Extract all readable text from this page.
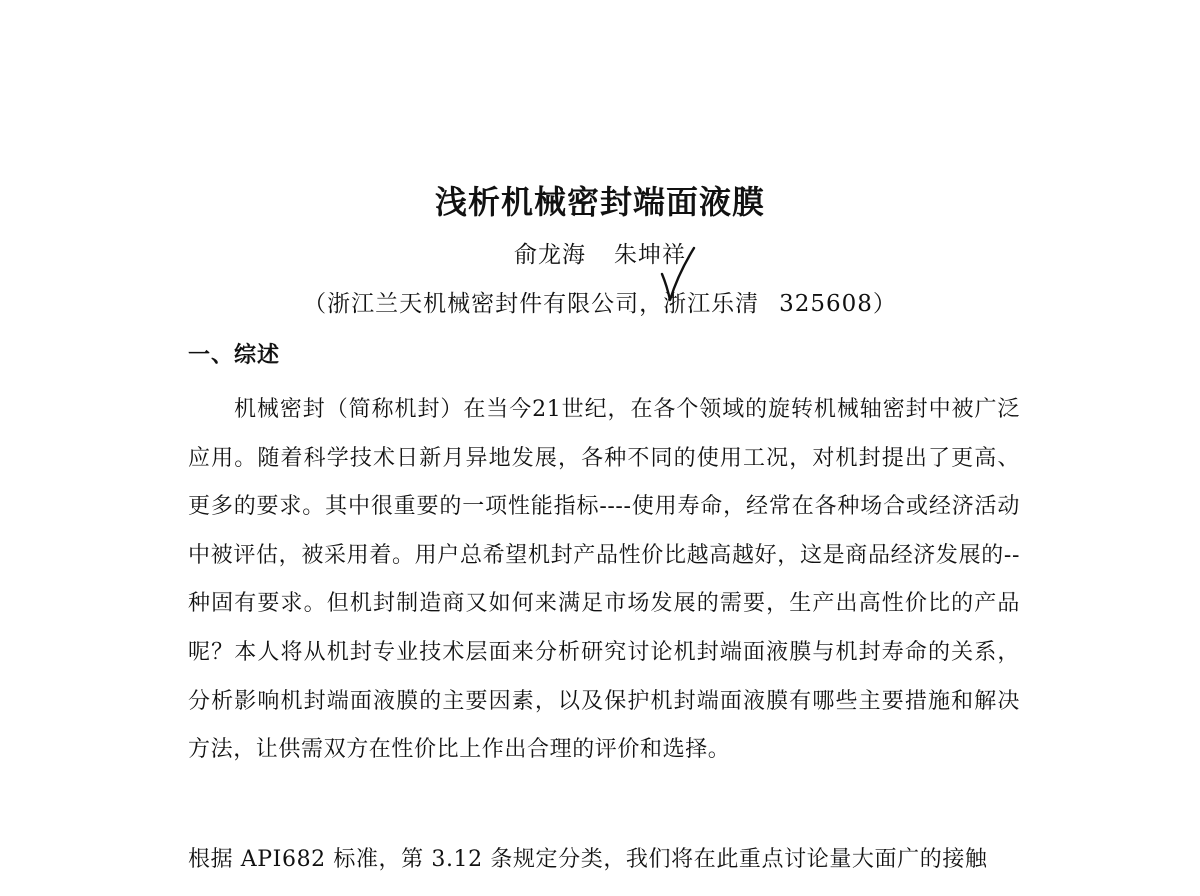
浅析机械密封端面液膜
俞龙海 朱坤祥
（浙江兰天机械密封件有限公司，浙江乐清 325608）
一、综述

机械密封（简称机封）在当今21世纪，在各个领域的旋转机械轴密封中被广泛应用。随着科学技术日新月异地发展，各种不同的使用工况，对机封提出了更高、更多的要求。其中很重要的一项性能指标----使用寿命，经常在各种场合或经济活动中被评估，被采用着。用户总希望机封产品性价比越高越好，这是商品经济发展的--种固有要求。但机封制造商又如何来满足市场发展的需要，生产出高性价比的产品呢？本人将从机封专业技术层面来分析研究讨论机封端面液膜与机封寿命的关系，分析影响机封端面液膜的主要因素，以及保护机封端面液膜有哪些主要措施和解决方法，让供需双方在性价比上作出合理的评价和选择。

根据 API682 标准，第 3.12 条规定分类，我们将在此重点讨论量大面广的接触
